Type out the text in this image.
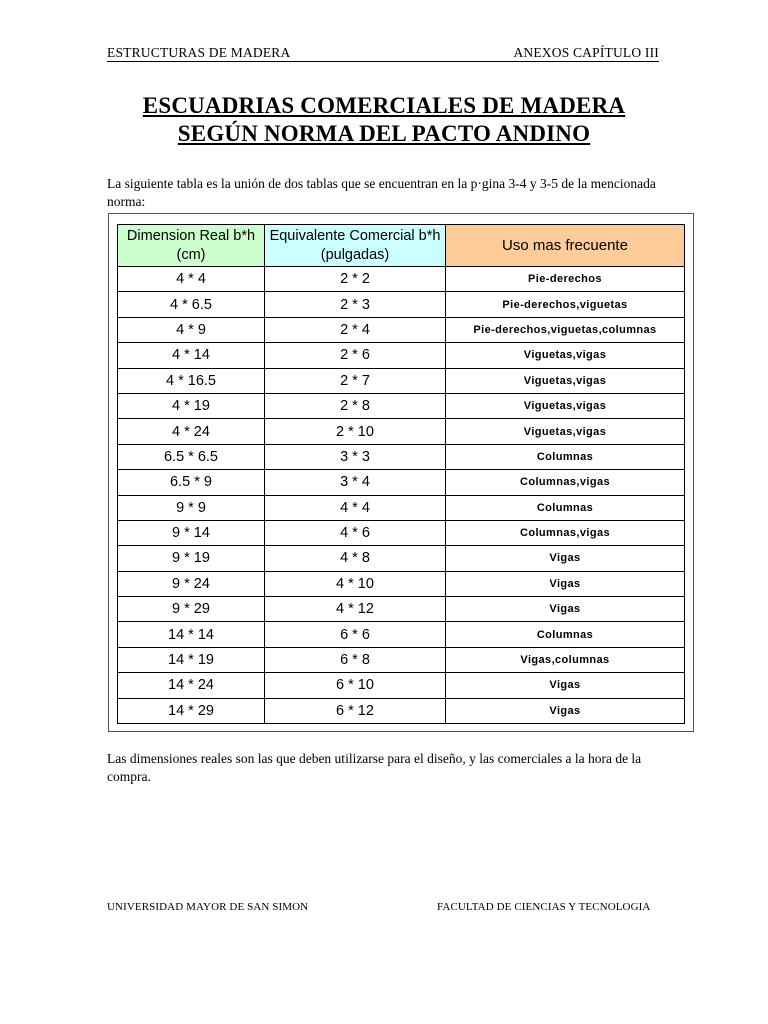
ESTRUCTURAS DE MADERA	ANEXOS CAPÍTULO III
ESCUADRIAS COMERCIALES DE MADERA
SEGÚN NORMA DEL PACTO ANDINO
La siguiente tabla es la unión de dos tablas que se encuentran en la p·gina 3-4 y 3-5 de la mencionada norma:
Dimension Real b*h (cm)	Equivalente Comercial b*h (pulgadas)	Uso mas frecuente
4 * 4	2 * 2	Pie-derechos
4 * 6.5	2 * 3	Pie-derechos,viguetas
4 * 9	2 * 4	Pie-derechos,viguetas,columnas
4 * 14	2 * 6	Viguetas,vigas
4 * 16.5	2 * 7	Viguetas,vigas
4 * 19	2 * 8	Viguetas,vigas
4 * 24	2 * 10	Viguetas,vigas
6.5 * 6.5	3 * 3	Columnas
6.5 * 9	3 * 4	Columnas,vigas
9 * 9	4 * 4	Columnas
9 * 14	4 * 6	Columnas,vigas
9 * 19	4 * 8	Vigas
9 * 24	4 * 10	Vigas
9 * 29	4 * 12	Vigas
14 * 14	6 * 6	Columnas
14 * 19	6 * 8	Vigas,columnas
14 * 24	6 * 10	Vigas
14 * 29	6 * 12	Vigas
Las dimensiones reales son las que deben utilizarse para el diseño, y las comerciales a la hora de la compra.
UNIVERSIDAD MAYOR DE SAN SIMON	FACULTAD DE CIENCIAS Y TECNOLOGIA
